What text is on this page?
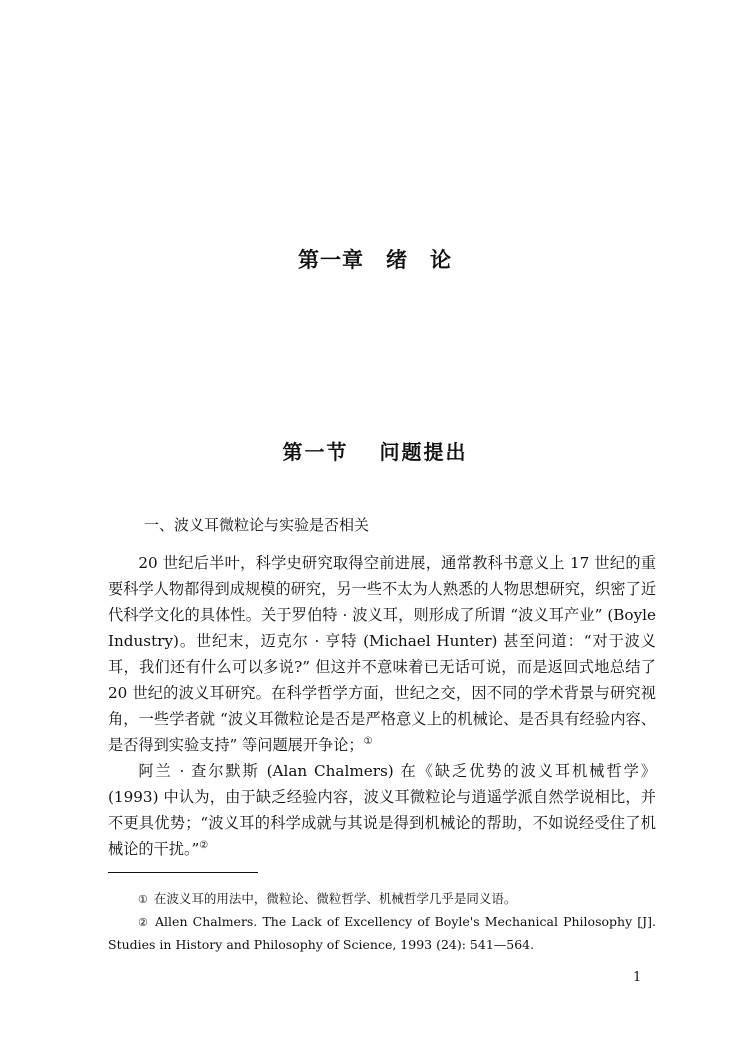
第一章　绪　论
第一节　 问题提出
一、波义耳微粒论与实验是否相关

20 世纪后半叶，科学史研究取得空前进展，通常教科书意义上 17 世纪的重要科学人物都得到成规模的研究，另一些不太为人熟悉的人物思想研究，织密了近代科学文化的具体性。关于罗伯特 · 波义耳，则形成了所谓 “波义耳产业” (Boyle Industry)。世纪末，迈克尔 · 亨特 (Michael Hunter) 甚至问道：“对于波义耳，我们还有什么可以多说?” 但这并不意味着已无话可说，而是返回式地总结了 20 世纪的波义耳研究。在科学哲学方面，世纪之交，因不同的学术背景与研究视角，一些学者就 “波义耳微粒论是否是严格意义上的机械论、是否具有经验内容、是否得到实验支持” 等问题展开争论；①

阿兰 · 查尔默斯 (Alan Chalmers) 在《缺乏优势的波义耳机械哲学》(1993) 中认为，由于缺乏经验内容，波义耳微粒论与逍遥学派自然学说相比，并不更具优势；“波义耳的科学成就与其说是得到机械论的帮助，不如说经受住了机械论的干扰。”②

① 在波义耳的用法中，微粒论、微粒哲学、机械哲学几乎是同义语。

② Allen Chalmers. The Lack of Excellency of Boyle's Mechanical Philosophy [J]. Studies in History and Philosophy of Science, 1993 (24): 541—564.

1
